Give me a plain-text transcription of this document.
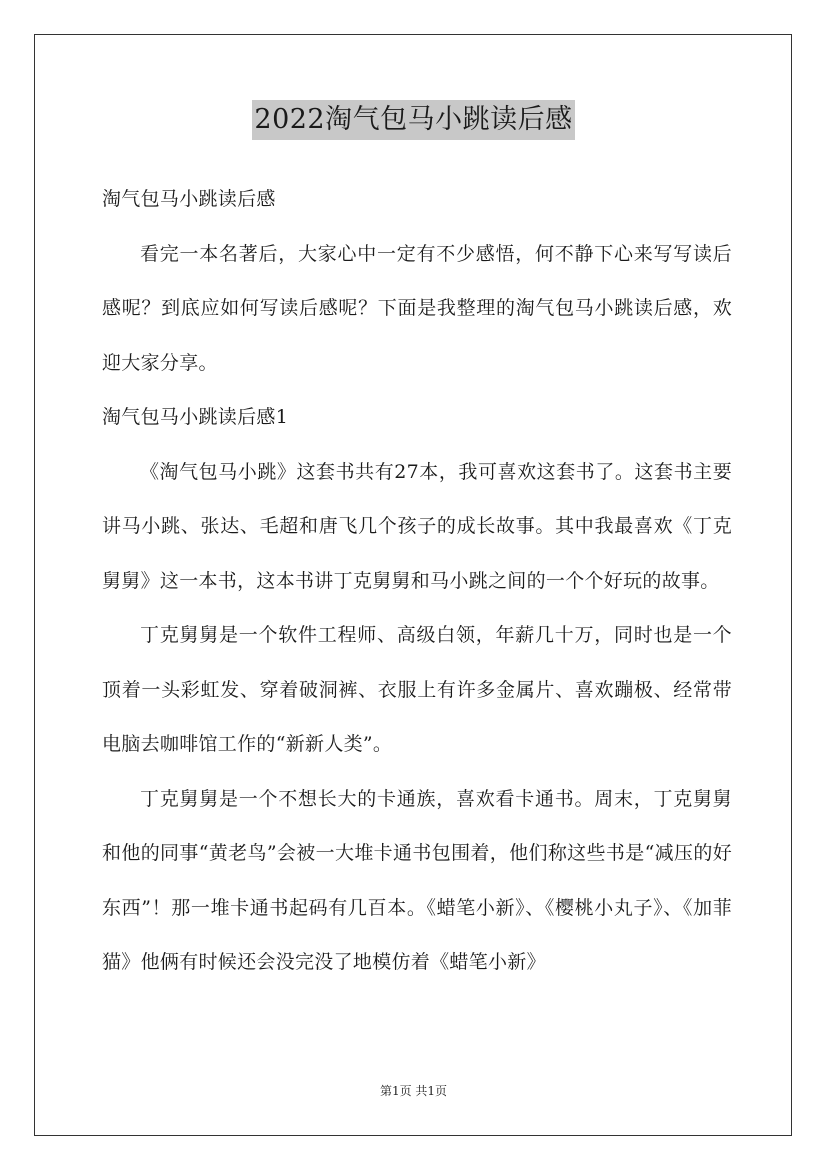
2022淘气包马小跳读后感

淘气包马小跳读后感

看完一本名著后，大家心中一定有不少感悟，何不静下心来写写读后感呢？到底应如何写读后感呢？下面是我整理的淘气包马小跳读后感，欢迎大家分享。

淘气包马小跳读后感1

《淘气包马小跳》这套书共有27本，我可喜欢这套书了。这套书主要讲马小跳、张达、毛超和唐飞几个孩子的成长故事。其中我最喜欢《丁克舅舅》这一本书，这本书讲丁克舅舅和马小跳之间的一个个好玩的故事。

丁克舅舅是一个软件工程师、高级白领，年薪几十万，同时也是一个顶着一头彩虹发、穿着破洞裤、衣服上有许多金属片、喜欢蹦极、经常带电脑去咖啡馆工作的“新新人类”。

丁克舅舅是一个不想长大的卡通族，喜欢看卡通书。周末，丁克舅舅和他的同事“黄老鸟”会被一大堆卡通书包围着，他们称这些书是“减压的好东西”！那一堆卡通书起码有几百本。《蜡笔小新》、《樱桃小丸子》、《加菲猫》他俩有时候还会没完没了地模仿着《蜡笔小新》

第1页 共1页
